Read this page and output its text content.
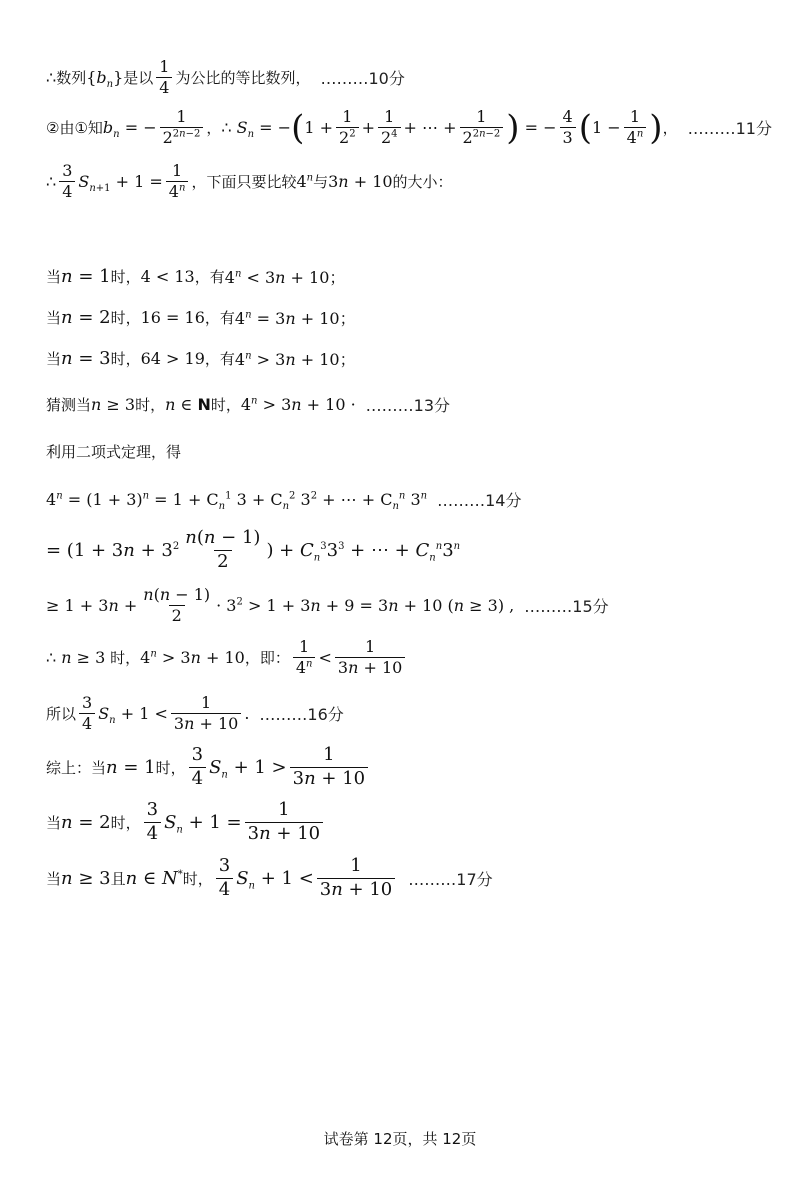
∴ 数列 $\{b_n\}$ 是以 $\frac{1}{4}$ 为公比的等比数列， ………10分
②由①知 $b_n$ = − $\frac{1}{2^{2n-2}}$ ， ∴ $S_n$ = − ( $1 + \frac{1}{2^2} + \frac{1}{2^4}$ + ⋯ + $\frac{1}{2^{2n-2}}$ ) = − $\frac{4}{3}$ ( $1 - \frac{1}{4^n}$ ) ， ………11分
∴ $\frac{3}{4} S_{n+1} + 1 = \frac{1}{4^n}$ ，下面只要比较 4$^n$ 与 3n + 10 的大小：
当 n = 1 时， 4 < 13 ，有 $4^n < 3n + 10$；
当 n = 2 时， 16 = 16 ，有 $4^n = 3n + 10$；
当 n = 3 时， 64 > 19 ，有 $4^n > 3n + 10$；
猜测当 n ≥ 3 时， n ∈ N 时， $4^n > 3n + 10$ · ………13分
利用二项式定理，得
$4^n = (1 + 3)^n = 1 + C_n^1$ $3 + C_n^2$ $3^2$ + ⋯ + $C_n^n$ 3$^n$ ………14分
= ($1 + 3n + 3^2 \frac{n(n - 1)}{2}$ ) + $C_n^33^3$ + ⋯ + $C_n^n3^n$
≥ $1 + 3n + \frac{n(n - 1)}{2} \cdot 3^2 > 1 + 3n + 9 = 3n + 10$ (n ≥ 3) , ………15分
∴ n ≥ 3
时， $4^n > 3n + 10$ ，即： $\frac{1}{4^n} < \frac{1}{3n + 10}$
所以 $\frac{3}{4} S_n + 1 < \frac{1}{3n + 10}$ . ………16分
综上：当 n = 1 时， $\frac{3}{4} S_n + 1 > \frac{1}{3n + 10}$
当 n = 2 时， $\frac{3}{4} S_n + 1 = \frac{1}{3n + 10}$
当 n ≥ 3 且 n ∈ N* 时， $\frac{3}{4} S_n + 1 < \frac{1}{3n + 10}$ ………17分
试卷第 12页，共 12页
